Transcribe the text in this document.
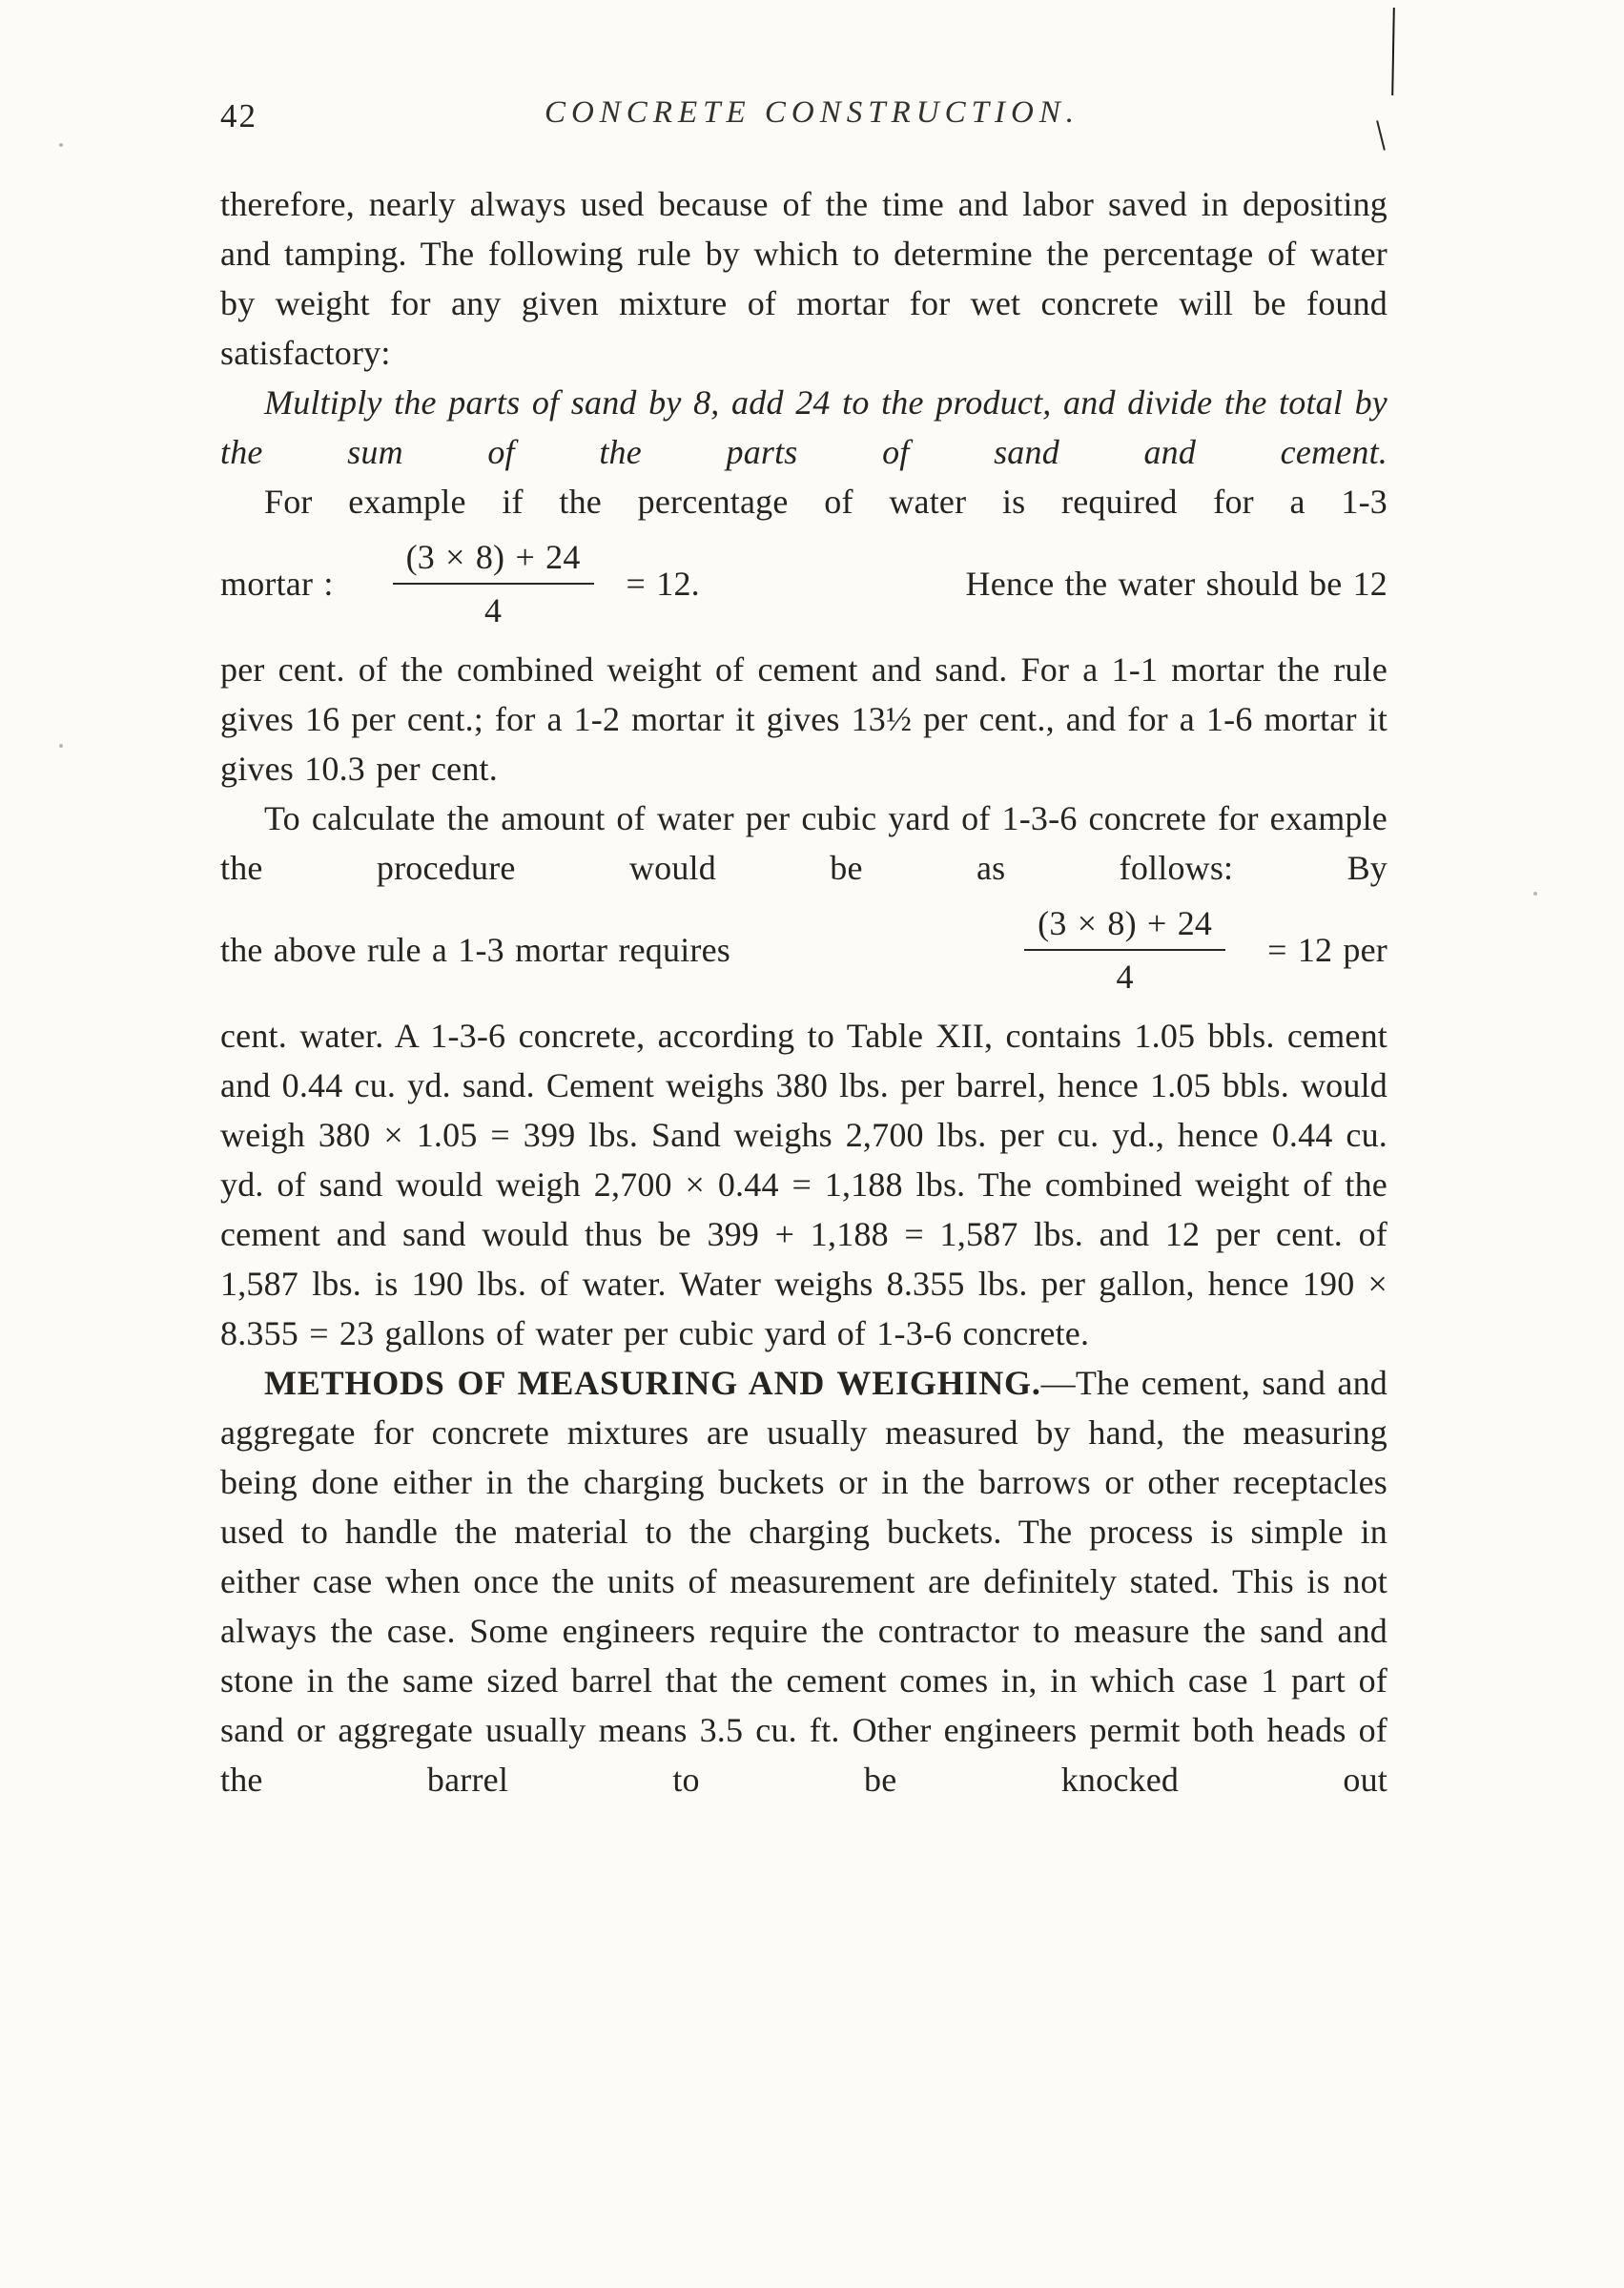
42	CONCRETE CONSTRUCTION.

therefore, nearly always used because of the time and labor saved in depositing and tamping. The following rule by which to determine the percentage of water by weight for any given mixture of mortar for wet concrete will be found satisfactory:

Multiply the parts of sand by 8, add 24 to the product, and divide the total by the sum of the parts of sand and cement.

For example if the percentage of water is required for a 1-3

mortar : $\frac{(3 \times 8) + 24}{4} = 12$.	Hence the water should be 12

per cent. of the combined weight of cement and sand. For a 1-1 mortar the rule gives 16 per cent.; for a 1-2 mortar it gives 13½ per cent., and for a 1-6 mortar it gives 10.3 per cent.

To calculate the amount of water per cubic yard of 1-3-6 concrete for example the procedure would be as follows: By

the above rule a 1-3 mortar requires	$\frac{(3 \times 8) + 24}{4} = 12$ per

cent. water. A 1-3-6 concrete, according to Table XII, contains 1.05 bbls. cement and 0.44 cu. yd. sand. Cement weighs 380 lbs. per barrel, hence 1.05 bbls. would weigh 380 × 1.05 = 399 lbs. Sand weighs 2,700 lbs. per cu. yd., hence 0.44 cu. yd. of sand would weigh 2,700 × 0.44 = 1,188 lbs. The combined weight of the cement and sand would thus be 399 + 1,188 = 1,587 lbs. and 12 per cent. of 1,587 lbs. is 190 lbs. of water. Water weighs 8.355 lbs. per gallon, hence 190 × 8.355 = 23 gallons of water per cubic yard of 1-3-6 concrete.

METHODS OF MEASURING AND WEIGHING.—The cement, sand and aggregate for concrete mixtures are usually measured by hand, the measuring being done either in the charging buckets or in the barrows or other receptacles used to handle the material to the charging buckets. The process is simple in either case when once the units of measurement are definitely stated. This is not always the case. Some engineers require the contractor to measure the sand and stone in the same sized barrel that the cement comes in, in which case 1 part of sand or aggregate usually means 3.5 cu. ft. Other engineers permit both heads of the barrel to be knocked out
